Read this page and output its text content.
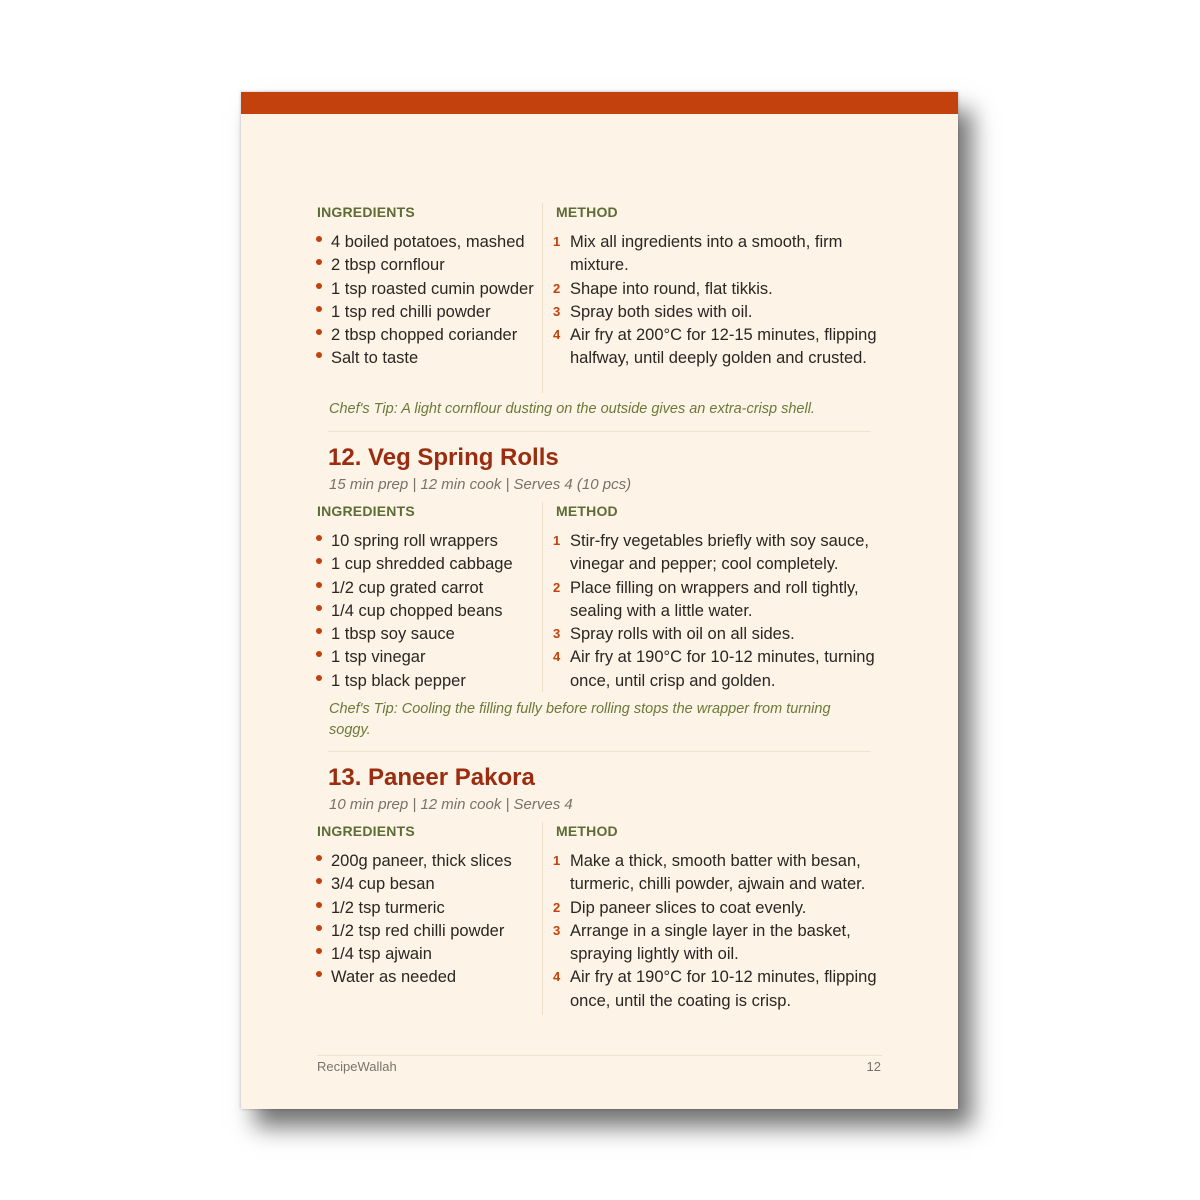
INGREDIENTS
4 boiled potatoes, mashed
2 tbsp cornflour
1 tsp roasted cumin powder
1 tsp red chilli powder
2 tbsp chopped coriander
Salt to taste
METHOD
1 Mix all ingredients into a smooth, firm mixture.
2 Shape into round, flat tikkis.
3 Spray both sides with oil.
4 Air fry at 200°C for 12-15 minutes, flipping halfway, until deeply golden and crusted.
Chef's Tip: A light cornflour dusting on the outside gives an extra-crisp shell.
12. Veg Spring Rolls
15 min prep | 12 min cook | Serves 4 (10 pcs)
INGREDIENTS
10 spring roll wrappers
1 cup shredded cabbage
1/2 cup grated carrot
1/4 cup chopped beans
1 tbsp soy sauce
1 tsp vinegar
1 tsp black pepper
METHOD
1 Stir-fry vegetables briefly with soy sauce, vinegar and pepper; cool completely.
2 Place filling on wrappers and roll tightly, sealing with a little water.
3 Spray rolls with oil on all sides.
4 Air fry at 190°C for 10-12 minutes, turning once, until crisp and golden.
Chef's Tip: Cooling the filling fully before rolling stops the wrapper from turning soggy.
13. Paneer Pakora
10 min prep | 12 min cook | Serves 4
INGREDIENTS
200g paneer, thick slices
3/4 cup besan
1/2 tsp turmeric
1/2 tsp red chilli powder
1/4 tsp ajwain
Water as needed
METHOD
1 Make a thick, smooth batter with besan, turmeric, chilli powder, ajwain and water.
2 Dip paneer slices to coat evenly.
3 Arrange in a single layer in the basket, spraying lightly with oil.
4 Air fry at 190°C for 10-12 minutes, flipping once, until the coating is crisp.
RecipeWallah	12
